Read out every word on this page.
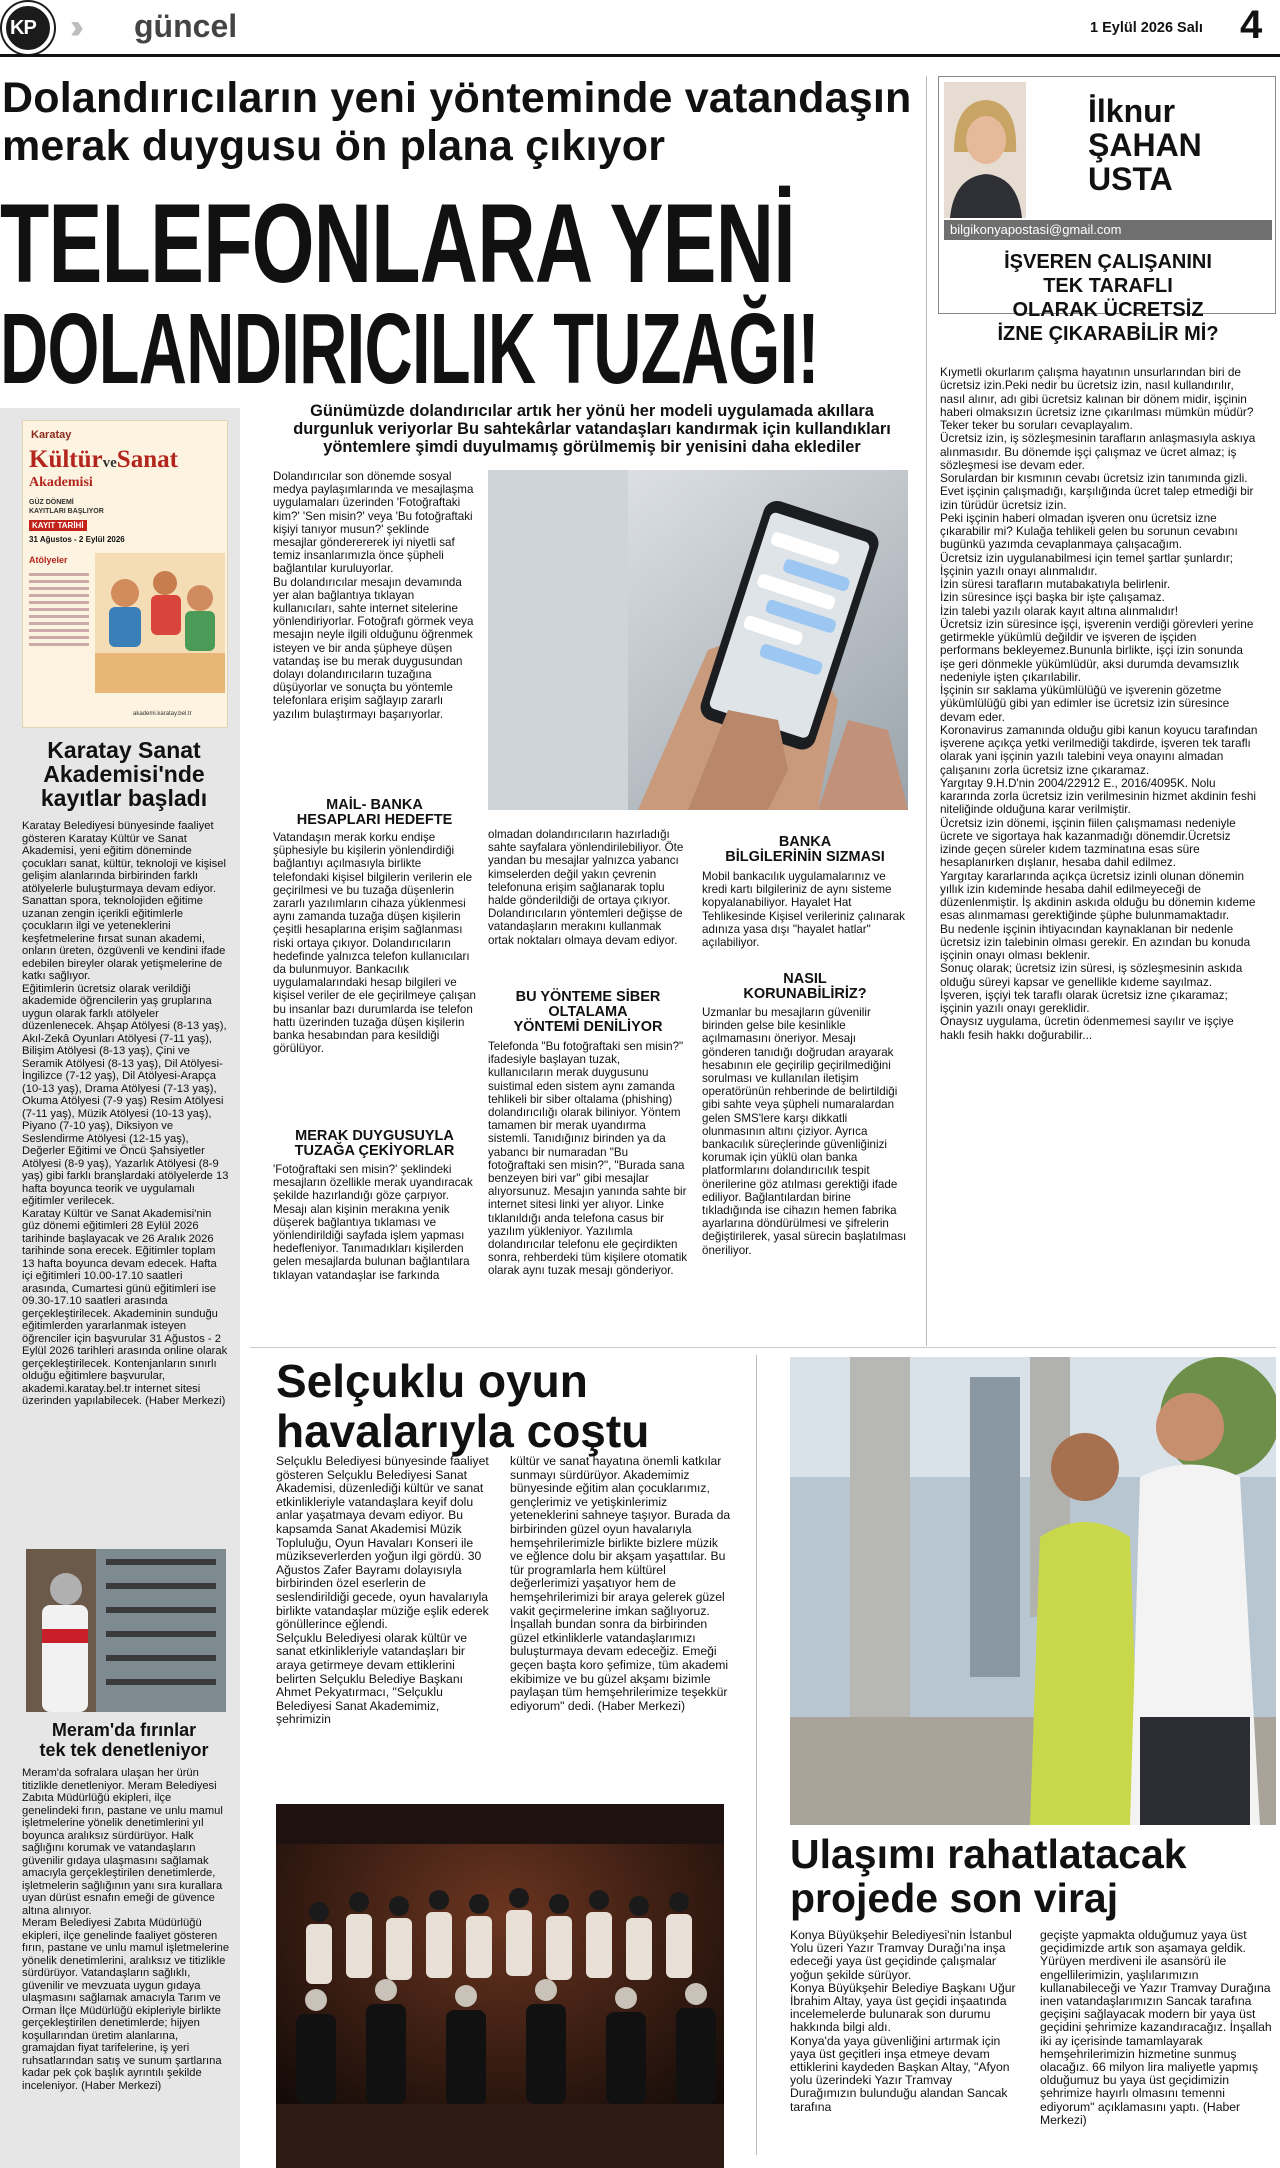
KP ››› güncel	1 Eylül 2026 Salı 4
Dolandırıcıların yeni yönteminde vatandaşın
merak duygusu ön plana çıkıyor
TELEFONLARA YENİ
DOLANDIRICILIK TUZAĞI!
Günümüzde dolandırıcılar artık her yönü her modeli uygulamada akıllara durgunluk veriyorlar Bu sahtekârlar vatandaşları kandırmak için kullandıkları yöntemlere şimdi duyulmamış görülmemiş bir yenisini daha eklediler
Dolandırıcılar son dönemde sosyal medya paylaşımlarında ve mesajlaşma uygulamaları üzerinden 'Fotoğraftaki kim?' 'Sen misin?' veya 'Bu fotoğraftaki kişiyi tanıyor musun?' şeklinde mesajlar gönderererek iyi niyetli saf temiz insanlarımızla önce şüpheli bağlantılar kuruluyorlar.
Bu dolandırıcılar mesajın devamında yer alan bağlantıya tıklayan kullanıcıları, sahte internet sitelerine yönlendiriyorlar. Fotoğrafı görmek veya mesajın neyle ilgili olduğunu öğrenmek isteyen ve bir anda şüpheye düşen vatandaş ise bu merak duygusundan dolayı dolandırıcıların tuzağına düşüyorlar ve sonuçta bu yöntemle telefonlara erişim sağlayıp zararlı yazılım bulaştırmayı başarıyorlar.
MAİL- BANKA
HESAPLARI HEDEFTE
Vatandaşın merak korku endişe şüphesiyle bu kişilerin yönlendirdiği bağlantıyı açılmasıyla birlikte telefondaki kişisel bilgilerin verilerin ele geçirilmesi ve bu tuzağa düşenlerin zararlı yazılımların cihaza yüklenmesi aynı zamanda tuzağa düşen kişilerin çeşitli hesaplarına erişim sağlanması riski ortaya çıkıyor. Dolandırıcıların hedefinde yalnızca telefon kullanıcıları da bulunmuyor. Bankacılık uygulamalarındaki hesap bilgileri ve kişisel veriler de ele geçirilmeye çalışan bu insanlar bazı durumlarda ise telefon hattı üzerinden tuzağa düşen kişilerin banka hesabından para kesildiği görülüyor.
MERAK DUYGUSUYLA
TUZAĞA ÇEKİYORLAR
'Fotoğraftaki sen misin?' şeklindeki mesajların özellikle merak uyandıracak şekilde hazırlandığı göze çarpıyor. Mesajı alan kişinin merakına yenik düşerek bağlantıya tıklaması ve yönlendirildiği sayfada işlem yapması hedefleniyor. Tanımadıkları kişilerden gelen mesajlarda bulunan bağlantılara tıklayan vatandaşlar ise farkında
olmadan dolandırıcıların hazırladığı sahte sayfalara yönlendirilebiliyor. Öte yandan bu mesajlar yalnızca yabancı kimselerden değil yakın çevrenin telefonuna erişim sağlanarak toplu halde gönderildiği de ortaya çıkıyor. Dolandırıcıların yöntemleri değişse de vatandaşların merakını kullanmak ortak noktaları olmaya devam ediyor.
BU YÖNTEME SİBER
OLTALAMA
YÖNTEMİ DENİLİYOR
Telefonda "Bu fotoğraftaki sen misin?" ifadesiyle başlayan tuzak, kullanıcıların merak duygusunu suistimal eden sistem aynı zamanda tehlikeli bir siber oltalama (phishing) dolandırıcılığı olarak biliniyor. Yöntem tamamen bir merak uyandırma sistemli. Tanıdığınız birinden ya da yabancı bir numaradan "Bu fotoğraftaki sen misin?", "Burada sana benzeyen biri var" gibi mesajlar alıyorsunuz. Mesajın yanında sahte bir internet sitesi linki yer alıyor. Linke tıklanıldığı anda telefona casus bir yazılım yükleniyor. Yazılımla dolandırıcılar telefonu ele geçirdikten sonra, rehberdeki tüm kişilere otomatik olarak aynı tuzak mesajı gönderiyor.
BANKA
BİLGİLERİNİN SIZMASI
Mobil bankacılık uygulamalarınız ve kredi kartı bilgileriniz de aynı sisteme kopyalanabiliyor. Hayalet Hat Tehlikesinde Kişisel verileriniz çalınarak adınıza yasa dışı "hayalet hatlar" açılabiliyor.
NASIL
KORUNABİLİRİZ?
Uzmanlar bu mesajların güvenilir birinden gelse bile kesinlikle açılmamasını öneriyor. Mesajı gönderen tanıdığı doğrudan arayarak hesabının ele geçirilip geçirilmediğini sorulması ve kullanılan iletişim operatörünün rehberinde de belirtildiği gibi sahte veya şüpheli numaralardan gelen SMS'lere karşı dikkatli olunmasının altını çiziyor. Ayrıca bankacılık süreçlerinde güvenliğinizi korumak için yüklü olan banka platformlarını dolandırıcılık tespit önerilerine göz atılması gerektiği ifade ediliyor. Bağlantılardan birine tıkladığında ise cihazın hemen fabrika ayarlarına döndürülmesi ve şifrelerin değiştirilerek, yasal sürecin başlatılması öneriliyor.
Karatay
KültürveSanat
Akademisi
GÜZ DÖNEMİ
KAYITLARI BAŞLIYOR
KAYIT TARİHİ
31 Ağustos - 2 Eylül 2026
Atölyeler
akademi.karatay.bel.tr
Karatay Sanat
Akademisi'nde
kayıtlar başladı
Karatay Belediyesi bünyesinde faaliyet gösteren Karatay Kültür ve Sanat Akademisi, yeni eğitim döneminde çocukları sanat, kültür, teknoloji ve kişisel gelişim alanlarında birbirinden farklı atölyelerle buluşturmaya devam ediyor. Sanattan sporа, teknolojiden eğitime uzanan zengin içerikli eğitimlerle çocukların ilgi ve yeteneklerini keşfetmelerine fırsat sunan akademi, onların üreten, özgüvenli ve kendini ifade edebilen bireyler olarak yetişmelerine de katkı sağlıyor.
Eğitimlerin ücretsiz olarak verildiği akademide öğrencilerin yaş gruplarına uygun olarak farklı atölyeler düzenlenecek. Ahşap Atölyesi (8-13 yaş), Akıl-Zekâ Oyunları Atölyesi (7-11 yaş), Bilişim Atölyesi (8-13 yaş), Çini ve Seramik Atölyesi (8-13 yaş), Dil Atölyesi-İngilizce (7-12 yaş), Dil Atölyesi-Arapça (10-13 yaş), Drama Atölyesi (7-13 yaş), Okuma Atölyesi (7-9 yaş) Resim Atölyesi (7-11 yaş), Müzik Atölyesi (10-13 yaş), Piyano (7-10 yaş), Diksiyon ve Seslendirme Atölyesi (12-15 yaş), Değerler Eğitimi ve Öncü Şahsiyetler Atölyesi (8-9 yaş), Yazarlık Atölyesi (8-9 yaş) gibi farklı branşlardaki atölyelerde 13 hafta boyunca teorik ve uygulamalı eğitimler verilecek.
Karatay Kültür ve Sanat Akademisi'nin güz dönemi eğitimleri 28 Eylül 2026 tarihinde başlayacak ve 26 Aralık 2026 tarihinde sona erecek. Eğitimler toplam 13 hafta boyunca devam edecek. Hafta içi eğitimleri 10.00-17.10 saatleri arasında, Cumartesi günü eğitimleri ise 09.30-17.10 saatleri arasında gerçekleştirilecek. Akademinin sunduğu eğitimlerden yararlanmak isteyen öğrenciler için başvurular 31 Ağustos - 2 Eylül 2026 tarihleri arasında online olarak gerçekleştirilecek. Kontenjanların sınırlı olduğu eğitimlere başvurular, akademi.karatay.bel.tr internet sitesi üzerinden yapılabilecek. (Haber Merkezi)
Meram'da fırınlar
tek tek denetleniyor
Meram'da sofralara ulaşan her ürün titizlikle denetleniyor. Meram Belediyesi Zabıta Müdürlüğü ekipleri, ilçe genelindeki fırın, pastane ve unlu mamul işletmelerine yönelik denetimlerini yıl boyunca aralıksız sürdürüyor. Halk sağlığını korumak ve vatandaşların güvenilir gıdaya ulaşmasını sağlamak amacıyla gerçekleştirilen denetimlerde, işletmelerin sağlığının yanı sıra kurallara uyan dürüst esnafın emeği de güvence altına alınıyor.
Meram Belediyesi Zabıta Müdürlüğü ekipleri, ilçe genelinde faaliyet gösteren fırın, pastane ve unlu mamul işletmelerine yönelik denetimlerini, aralıksız ve titizlikle sürdürüyor. Vatandaşların sağlıklı, güvenilir ve mevzuata uygun gıdaya ulaşmasını sağlamak amacıyla Tarım ve Orman İlçe Müdürlüğü ekipleriyle birlikte gerçekleştirilen denetimlerde; hijyen koşullarından üretim alanlarına, gramajdan fiyat tarifelerine, iş yeri ruhsatlarından satış ve sunum şartlarına kadar pek çok başlık ayrıntılı şekilde inceleniyor. (Haber Merkezi)
İlknur
ŞAHAN
USTA
bilgikonyapostasi@gmail.com
İŞVEREN ÇALIŞANINI
TEK TARAFLI
OLARAK ÜCRETSİZ
İZNE ÇIKARABİLİR Mİ?
Kıymetli okurlarım çalışma hayatının unsurlarından biri de ücretsiz izin.Peki nedir bu ücretsiz izin, nasıl kullandırılır, nasıl alınır, adı gibi ücretsiz kalınan bir dönem midir, işçinin haberi olmaksızın ücretsiz izne çıkarılması mümkün müdür? Teker teker bu soruları cevaplayalım.
Ücretsiz izin, iş sözleşmesinin tarafların anlaşmasıyla askıya alınmasıdır. Bu dönemde işçi çalışmaz ve ücret almaz; iş sözleşmesi ise devam eder.
Sorulardan bir kısmının cevabı ücretsiz izin tanımında gizli. Evet işçinin çalışmadığı, karşılığında ücret talep etmediği bir izin türüdür ücretsiz izin.
Peki işçinin haberi olmadan işveren onu ücretsiz izne çıkarabilir mi? Kulağa tehlikeli gelen bu sorunun cevabını bugünkü yazımda cevaplanmaya çalışacağım.
Ücretsiz izin uygulanabilmesi için temel şartlar şunlardır;
İşçinin yazılı onayı alınmalıdır.
İzin süresi tarafların mutabakatıyla belirlenir.
İzin süresince işçi başka bir işte çalışamaz.
İzin talebi yazılı olarak kayıt altına alınmalıdır!
Ücretsiz izin süresince işçi, işverenin verdiği görevleri yerine getirmekle yükümlü değildir ve işveren de işçiden performans bekleyemez.Bununla birlikte, işçi izin sonunda işe geri dönmekle yükümlüdür, aksi durumda devamsızlık nedeniyle işten çıkarılabilir.
İşçinin sır saklama yükümlülüğü ve işverenin gözetme yükümlülüğü gibi yan edimler ise ücretsiz izin süresince devam eder.
Koronavirus zamanında olduğu gibi kanun koyucu tarafından işverene açıkça yetki verilmediği takdirde, işveren tek taraflı olarak yani işçinin yazılı talebini veya onayını almadan çalışanını zorla ücretsiz izne çıkaramaz.
Yargıtay 9.H.D'nin 2004/22912 E., 2016/4095K. Nolu kararında zorla ücretsiz izin verilmesinin hizmet akdinin feshi niteliğinde olduğuna karar verilmiştir.
Ücretsiz izin dönemi, işçinin fiilen çalışmaması nedeniyle ücrete ve sigortaya hak kazanmadığı dönemdir.Ücretsiz izinde geçen süreler kıdem tazminatına esas süre hesaplanırken dışlanır, hesaba dahil edilmez.
Yargıtay kararlarında açıkça ücretsiz izinli olunan dönemin yıllık izin kıdeminde hesaba dahil edilmeyeceği de düzenlenmiştir. İş akdinin askıda olduğu bu dönemin kıdeme esas alınmaması gerektiğinde şüphe bulunmamaktadır.
Bu nedenle işçinin ihtiyacından kaynaklanan bir nedenle ücretsiz izin talebinin olması gerekir. En azından bu konuda işçinin onayı olması beklenir.
Sonuç olarak; ücretsiz izin süresi, iş sözleşmesinin askıda olduğu süreyi kapsar ve genellikle kıdeme sayılmaz.
İşveren, işçiyi tek taraflı olarak ücretsiz izne çıkaramaz; işçinin yazılı onayı gereklidir.
Onaysız uygulama, ücretin ödenmemesi sayılır ve işçiye haklı fesih hakkı doğurabilir...
Selçuklu oyun
havalarıyla coştu
Selçuklu Belediyesi bünyesinde faaliyet gösteren Selçuklu Belediyesi Sanat Akademisi, düzenlediği kültür ve sanat etkinlikleriyle vatandaşlara keyif dolu anlar yaşatmaya devam ediyor. Bu kapsamda Sanat Akademisi Müzik Topluluğu, Oyun Havaları Konseri ile müzikseverlerden yoğun ilgi gördü. 30 Ağustos Zafer Bayramı dolayısıyla birbirinden özel eserlerin de seslendirildiği gecede, oyun havalarıyla birlikte vatandaşlar müziğe eşlik ederek gönüllerince eğlendi.
Selçuklu Belediyesi olarak kültür ve sanat etkinlikleriyle vatandaşları bir araya getirmeye devam ettiklerini belirten Selçuklu Belediye Başkanı Ahmet Pekyatırmacı, "Selçuklu Belediyesi Sanat Akademimiz, şehrimizin
kültür ve sanat hayatına önemli katkılar sunmayı sürdürüyor. Akademimiz bünyesinde eğitim alan çocuklarımız, gençlerimiz ve yetişkinlerimiz yeteneklerini sahneye taşıyor. Burada da birbirinden güzel oyun havalarıyla hemşehrilerimizle birlikte bizlere müzik ve eğlence dolu bir akşam yaşattılar. Bu tür programlarla hem kültürel değerlerimizi yaşatıyor hem de hemşehrilerimizi bir araya gelerek güzel vakit geçirmelerine imkan sağlıyoruz. İnşallah bundan sonra da birbirinden güzel etkinliklerle vatandaşlarımızı buluşturmaya devam edeceğiz. Emeği geçen başta koro şefimize, tüm akademi ekibimize ve bu güzel akşamı bizimle paylaşan tüm hemşehrilerimize teşekkür ediyorum" dedi. (Haber Merkezi)
Ulaşımı rahatlatacak
projede son viraj
Konya Büyükşehir Belediyesi'nin İstanbul Yolu üzeri Yazır Tramvay Durağı'na inşa edeceği yaya üst geçidinde çalışmalar yoğun şekilde sürüyor.
Konya Büyükşehir Belediye Başkanı Uğur İbrahim Altay, yaya üst geçidi inşaatında incelemelerde bulunarak son durumu hakkında bilgi aldı.
Konya'da yaya güvenliğini artırmak için yaya üst geçitleri inşa etmeye devam ettiklerini kaydeden Başkan Altay, "Afyon yolu üzerindeki Yazır Tramvay Durağımızın bulunduğu alandan Sancak tarafına
geçişte yapmakta olduğumuz yaya üst geçidimizde artık son aşamaya geldik. Yürüyen merdiveni ile asansörü ile engellilerimizin, yaşlılarımızın kullanabileceği ve Yazır Tramvay Durağına inen vatandaşlarımızın Sancak tarafına geçişini sağlayacak modern bir yaya üst geçidini şehrimize kazandıracağız. İnşallah iki ay içerisinde tamamlayarak hemşehrilerimizin hizmetine sunmuş olacağız. 66 milyon lira maliyetle yapmış olduğumuz bu yaya üst geçidimizin şehrimize hayırlı olmasını temenni ediyorum" açıklamasını yaptı. (Haber Merkezi)
